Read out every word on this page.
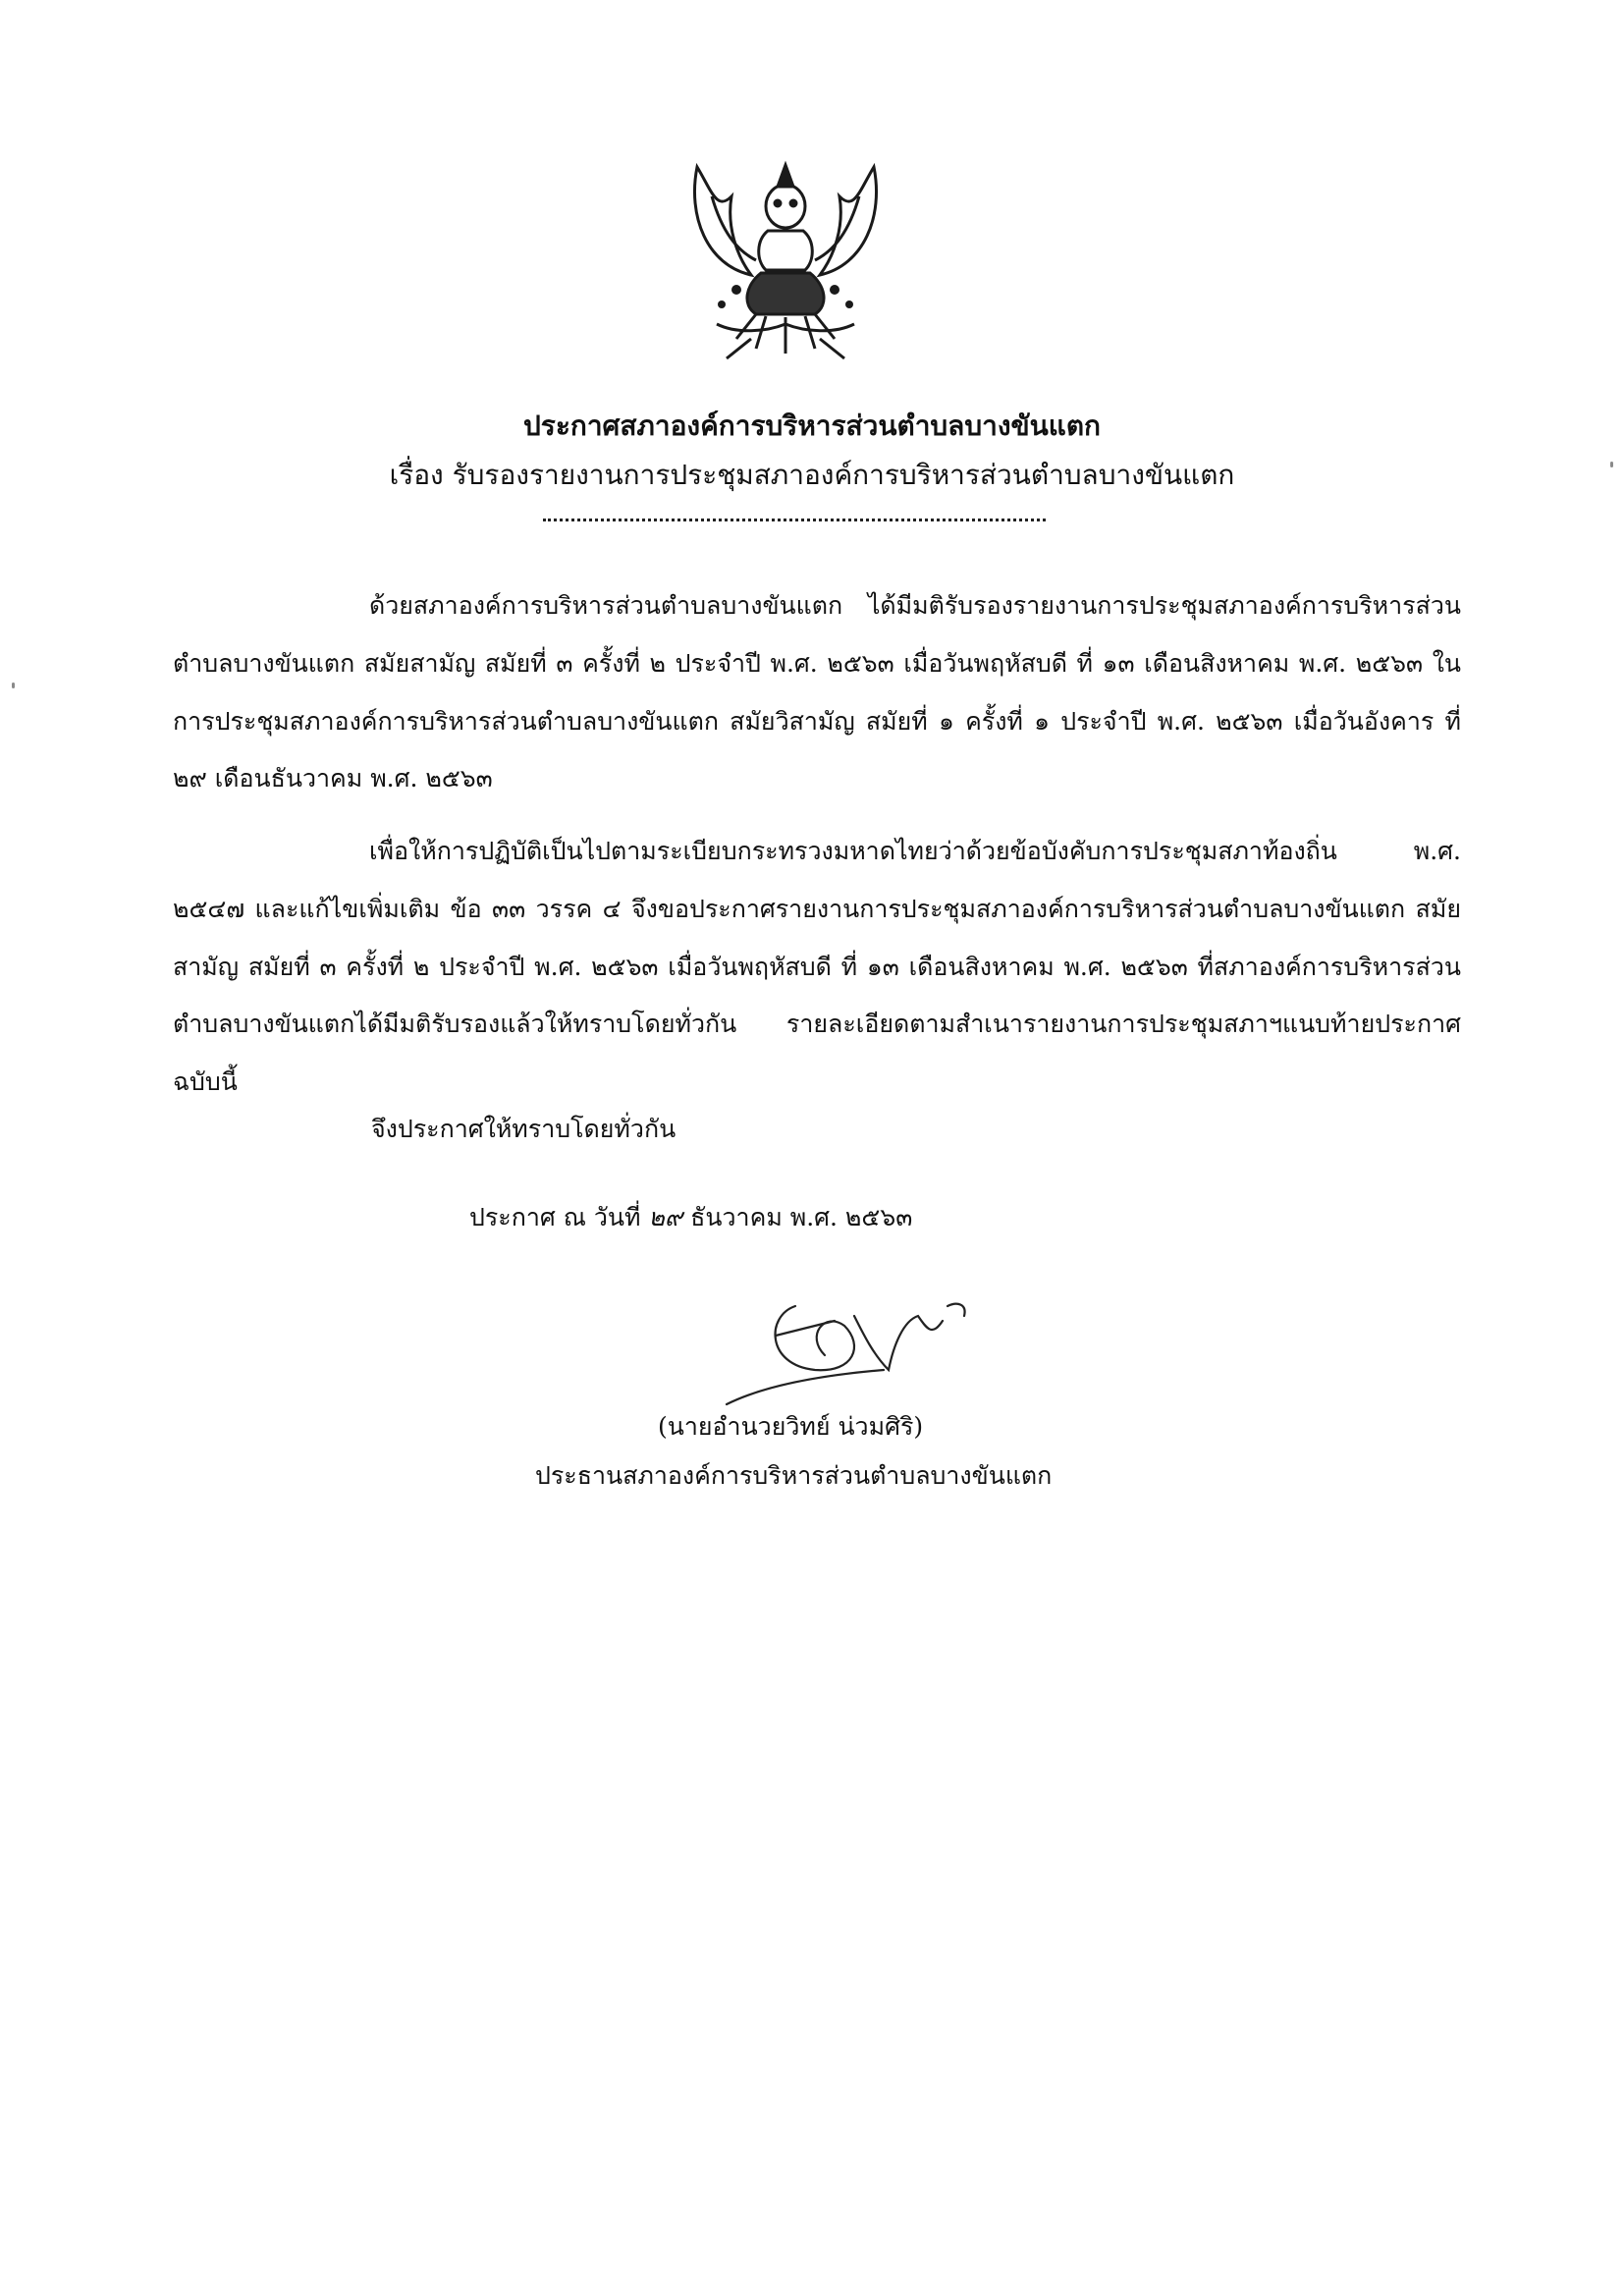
ประกาศสภาองค์การบริหารส่วนตำบลบางขันแตก
เรื่อง รับรองรายงานการประชุมสภาองค์การบริหารส่วนตำบลบางขันแตก
ด้วยสภาองค์การบริหารส่วนตำบลบางขันแตก ได้มีมติรับรองรายงานการประชุมสภาองค์การบริหารส่วนตำบลบางขันแตก สมัยสามัญ สมัยที่ ๓ ครั้งที่ ๒ ประจำปี พ.ศ. ๒๕๖๓ เมื่อวันพฤหัสบดี ที่ ๑๓ เดือนสิงหาคม พ.ศ. ๒๕๖๓ ในการประชุมสภาองค์การบริหารส่วนตำบลบางขันแตก สมัยวิสามัญ สมัยที่ ๑ ครั้งที่ ๑ ประจำปี พ.ศ. ๒๕๖๓ เมื่อวันอังคาร ที่ ๒๙ เดือนธันวาคม พ.ศ. ๒๕๖๓
เพื่อให้การปฏิบัติเป็นไปตามระเบียบกระทรวงมหาดไทยว่าด้วยข้อบังคับการประชุมสภาท้องถิ่น พ.ศ. ๒๕๔๗ และแก้ไขเพิ่มเติม ข้อ ๓๓ วรรค ๔ จึงขอประกาศรายงานการประชุมสภาองค์การบริหารส่วนตำบลบางขันแตก สมัยสามัญ สมัยที่ ๓ ครั้งที่ ๒ ประจำปี พ.ศ. ๒๕๖๓ เมื่อวันพฤหัสบดี ที่ ๑๓ เดือนสิงหาคม พ.ศ. ๒๕๖๓ ที่สภาองค์การบริหารส่วนตำบลบางขันแตกได้มีมติรับรองแล้วให้ทราบโดยทั่วกัน รายละเอียดตามสำเนารายงานการประชุมสภาฯแนบท้ายประกาศฉบับนี้
จึงประกาศให้ทราบโดยทั่วกัน
ประกาศ ณ วันที่ ๒๙ ธันวาคม พ.ศ. ๒๕๖๓
(นายอำนวยวิทย์ น่วมศิริ)
ประธานสภาองค์การบริหารส่วนตำบลบางขันแตก
